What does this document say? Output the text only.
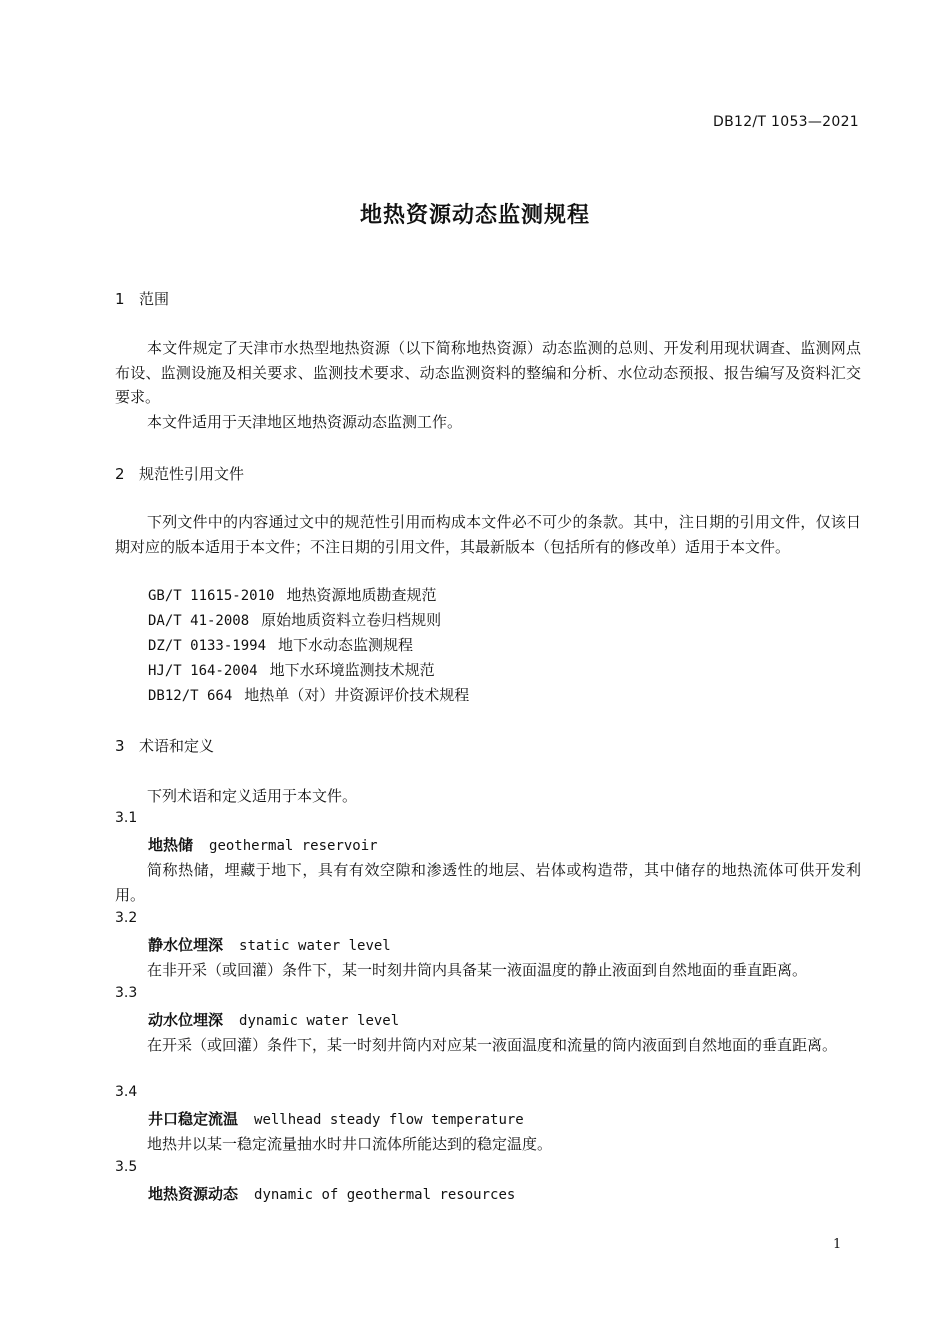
DB12/T 1053—2021
地热资源动态监测规程
1 范围
本文件规定了天津市水热型地热资源（以下简称地热资源）动态监测的总则、开发利用现状调查、监测网点布设、监测设施及相关要求、监测技术要求、动态监测资料的整编和分析、水位动态预报、报告编写及资料汇交要求。
本文件适用于天津地区地热资源动态监测工作。
2 规范性引用文件
下列文件中的内容通过文中的规范性引用而构成本文件必不可少的条款。其中，注日期的引用文件，仅该日期对应的版本适用于本文件；不注日期的引用文件，其最新版本（包括所有的修改单）适用于本文件。
GB/T 11615-2010 地热资源地质勘查规范
DA/T 41-2008 原始地质资料立卷归档规则
DZ/T 0133-1994 地下水动态监测规程
HJ/T 164-2004 地下水环境监测技术规范
DB12/T 664 地热单（对）井资源评价技术规程
3 术语和定义
下列术语和定义适用于本文件。
3.1
地热储 geothermal reservoir
简称热储，埋藏于地下，具有有效空隙和渗透性的地层、岩体或构造带，其中储存的地热流体可供开发利用。
3.2
静水位埋深 static water level
在非开采（或回灌）条件下，某一时刻井筒内具备某一液面温度的静止液面到自然地面的垂直距离。
3.3
动水位埋深 dynamic water level
在开采（或回灌）条件下，某一时刻井筒内对应某一液面温度和流量的筒内液面到自然地面的垂直距离。
3.4
井口稳定流温 wellhead steady flow temperature
地热井以某一稳定流量抽水时井口流体所能达到的稳定温度。
3.5
地热资源动态 dynamic of geothermal resources
1
